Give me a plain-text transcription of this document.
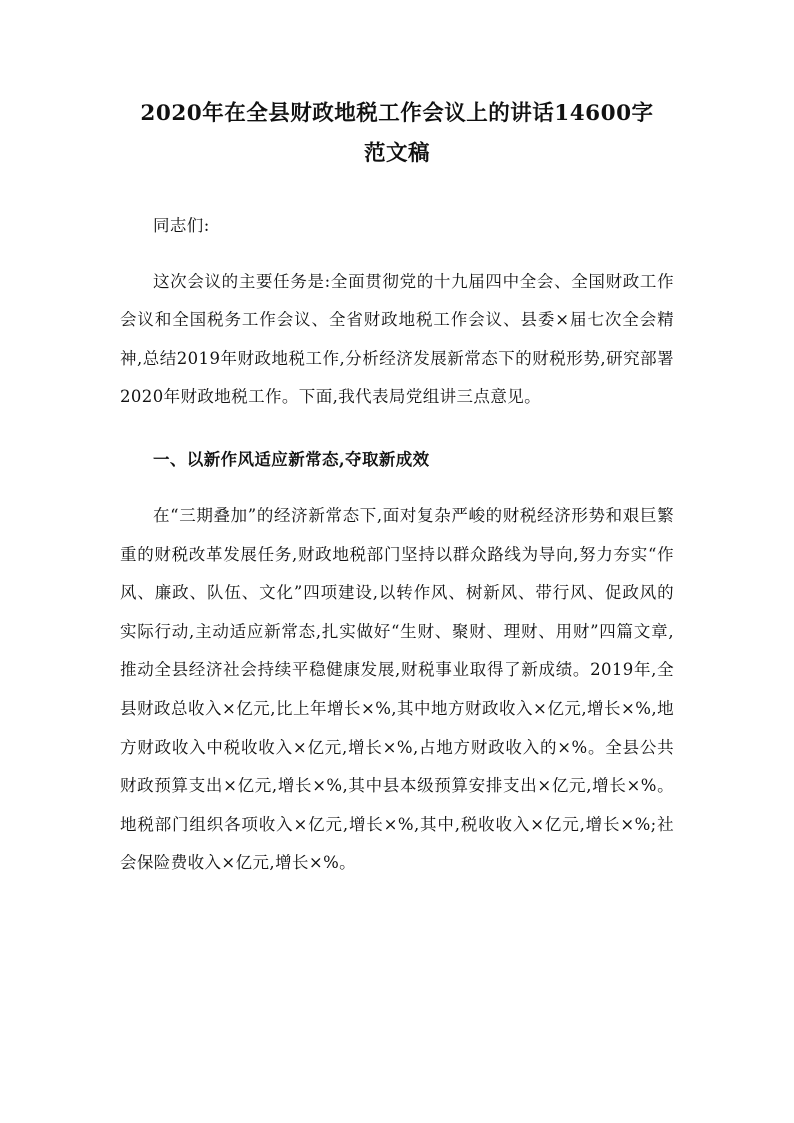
2020年在全县财政地税工作会议上的讲话14600字
范文稿

同志们:

这次会议的主要任务是:全面贯彻党的十九届四中全会、全国财政工作会议和全国税务工作会议、全省财政地税工作会议、县委×届七次全会精神,总结2019年财政地税工作,分析经济发展新常态下的财税形势,研究部署2020年财政地税工作。下面,我代表局党组讲三点意见。

一、以新作风适应新常态,夺取新成效

在“三期叠加”的经济新常态下,面对复杂严峻的财税经济形势和艰巨繁重的财税改革发展任务,财政地税部门坚持以群众路线为导向,努力夯实“作风、廉政、队伍、文化”四项建设,以转作风、树新风、带行风、促政风的实际行动,主动适应新常态,扎实做好“生财、聚财、理财、用财”四篇文章,推动全县经济社会持续平稳健康发展,财税事业取得了新成绩。2019年,全县财政总收入×亿元,比上年增长×%,其中地方财政收入×亿元,增长×%,地方财政收入中税收收入×亿元,增长×%,占地方财政收入的×%。全县公共财政预算支出×亿元,增长×%,其中县本级预算安排支出×亿元,增长×%。地税部门组织各项收入×亿元,增长×%,其中,税收收入×亿元,增长×%;社会保险费收入×亿元,增长×%。
